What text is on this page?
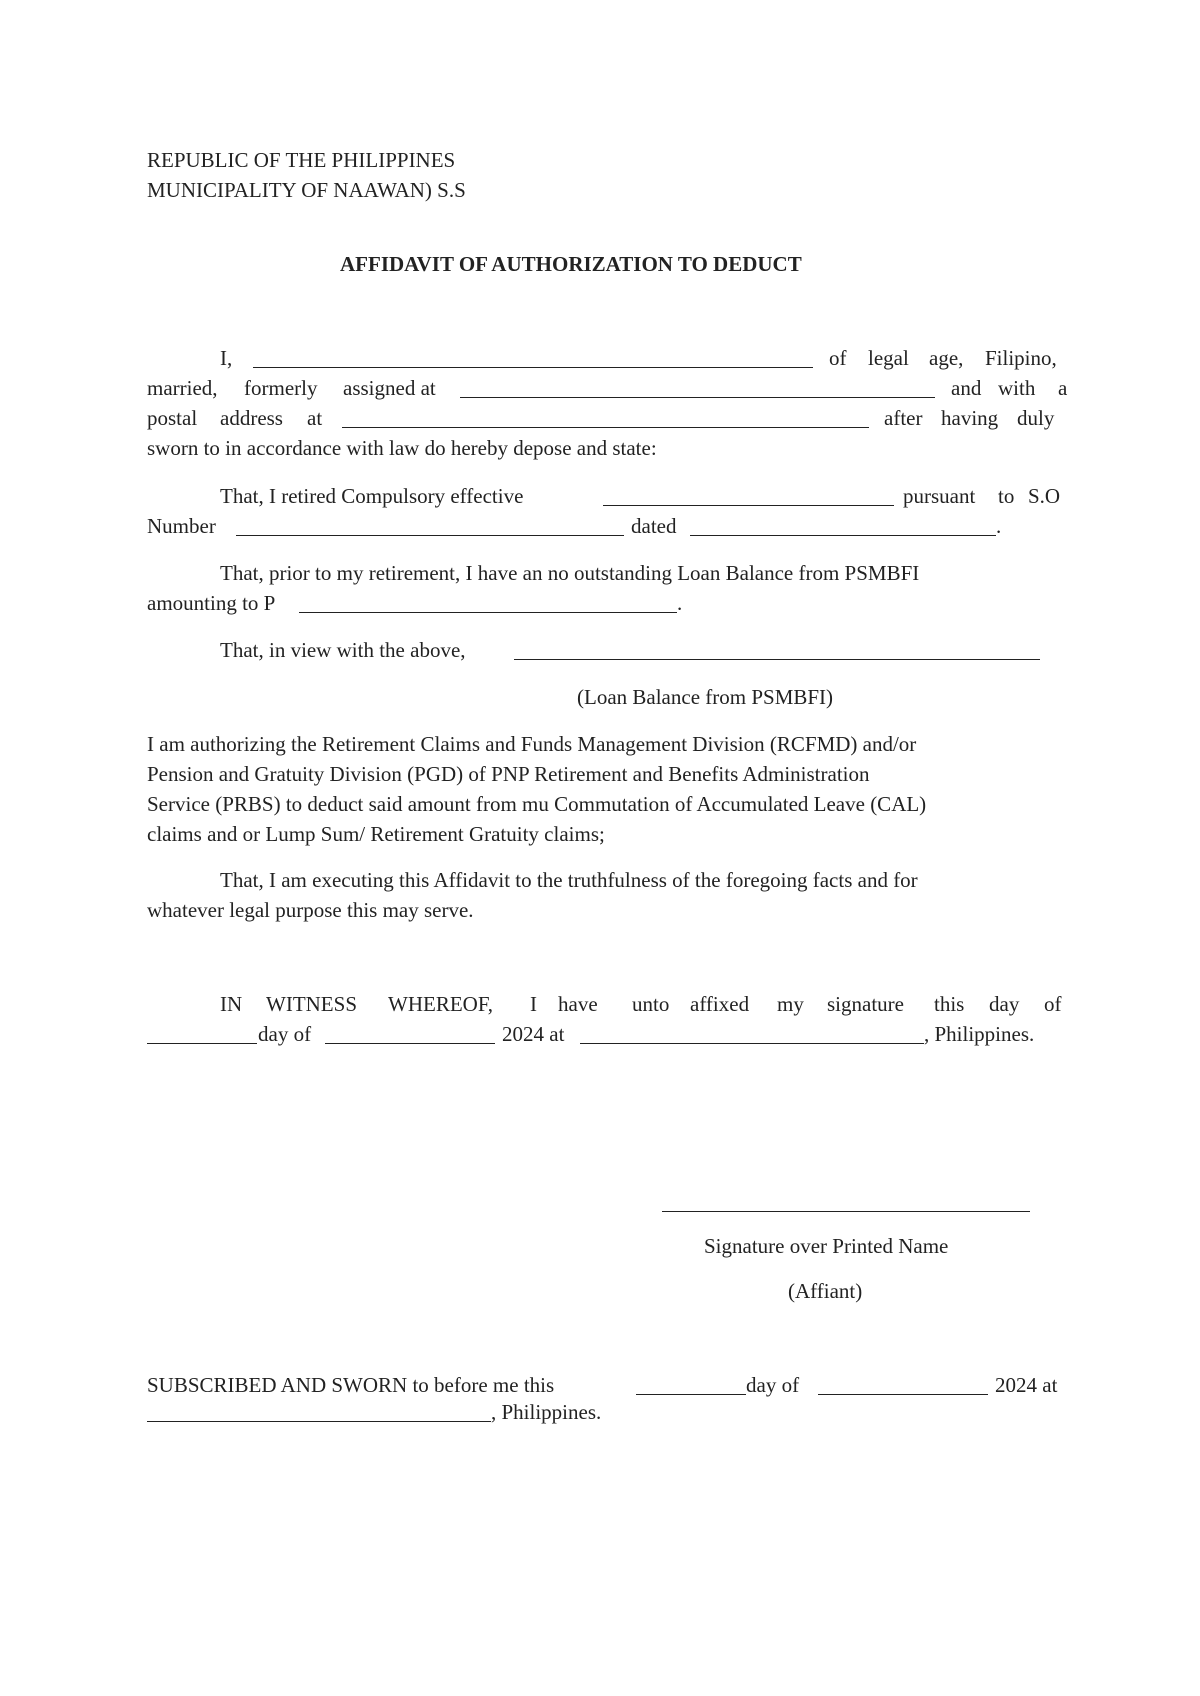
REPUBLIC OF THE PHILIPPINES
MUNICIPALITY OF NAAWAN) S.S
AFFIDAVIT OF AUTHORIZATION TO DEDUCT
I,	of legal age, Filipino,
married, formerly assigned at	and with a
postal address at	after having duly
sworn to in accordance with law do hereby depose and state:
That, I retired Compulsory effective	pursuant to S.O
Number	dated	.
That, prior to my retirement, I have an no outstanding Loan Balance from PSMBFI
amounting to P	.
That, in view with the above,
(Loan Balance from PSMBFI)
I am authorizing the Retirement Claims and Funds Management Division (RCFMD) and/or
Pension and Gratuity Division (PGD) of PNP Retirement and Benefits Administration
Service (PRBS) to deduct said amount from mu Commutation of Accumulated Leave (CAL)
claims and or Lump Sum/ Retirement Gratuity claims;
That, I am executing this Affidavit to the truthfulness of the foregoing facts and for
whatever legal purpose this may serve.
IN WITNESS WHEREOF, I have unto affixed my signature this day of
day of	2024 at	, Philippines.
Signature over Printed Name
(Affiant)
SUBSCRIBED AND SWORN to before me this	day of	2024 at
, Philippines.
